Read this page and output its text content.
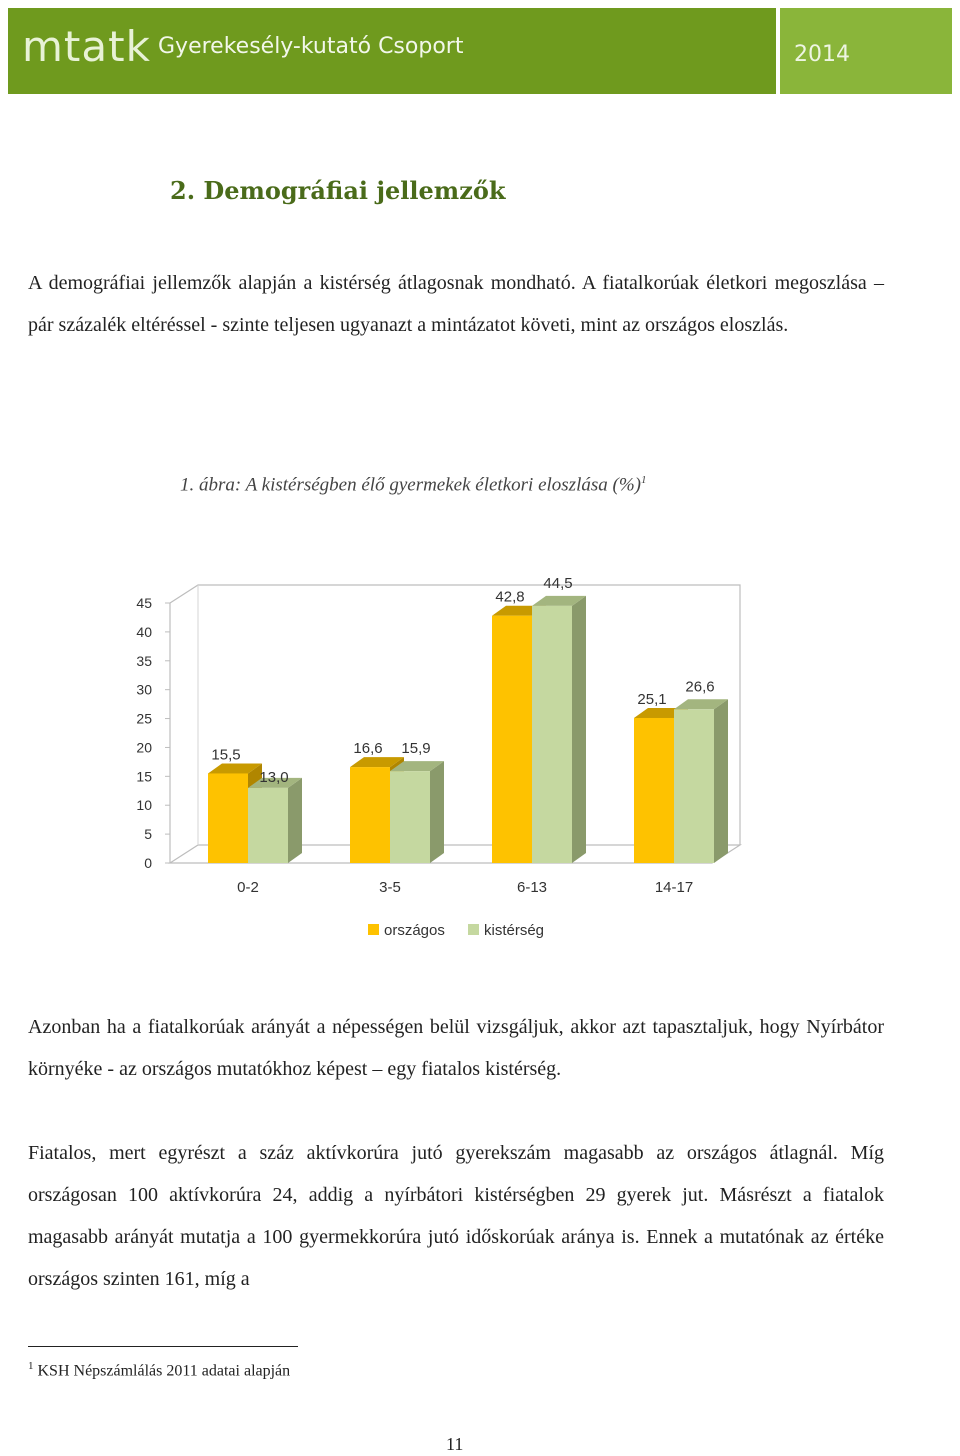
mtatk Gyerekesély-kutató Csoport	2014
2. Demográfiai jellemzők
A demográfiai jellemzők alapján a kistérség átlagosnak mondható. A fiatalkorúak életkori megoszlása – pár százalék eltéréssel - szinte teljesen ugyanazt a mintázatot követi, mint az országos eloszlás.
1. ábra: A kistérségben élő gyermekek életkori eloszlása (%)$^1$
0
5
10
15
20
25
30
35
40
45
15,5
13,0
16,6 15,9
42,8
44,5
25,1
26,6
0-2	3-5	6-13	14-17
országos	kistérség
Azonban ha a fiatalkorúak arányát a népességen belül vizsgáljuk, akkor azt tapasztaljuk, hogy Nyírbátor környéke - az országos mutatókhoz képest – egy fiatalos kistérség.
Fiatalos, mert egyrészt a száz aktívkorúra jutó gyerekszám magasabb az országos átlagnál. Míg országosan 100 aktívkorúra 24, addig a nyírbátori kistérségben 29 gyerek jut. Másrészt a fiatalok magasabb arányát mutatja a 100 gyermekkorúra jutó időskorúak aránya is. Ennek a mutatónak az értéke országos szinten 161, míg a
$^1$ KSH Népszámlálás 2011 adatai alapján
11
